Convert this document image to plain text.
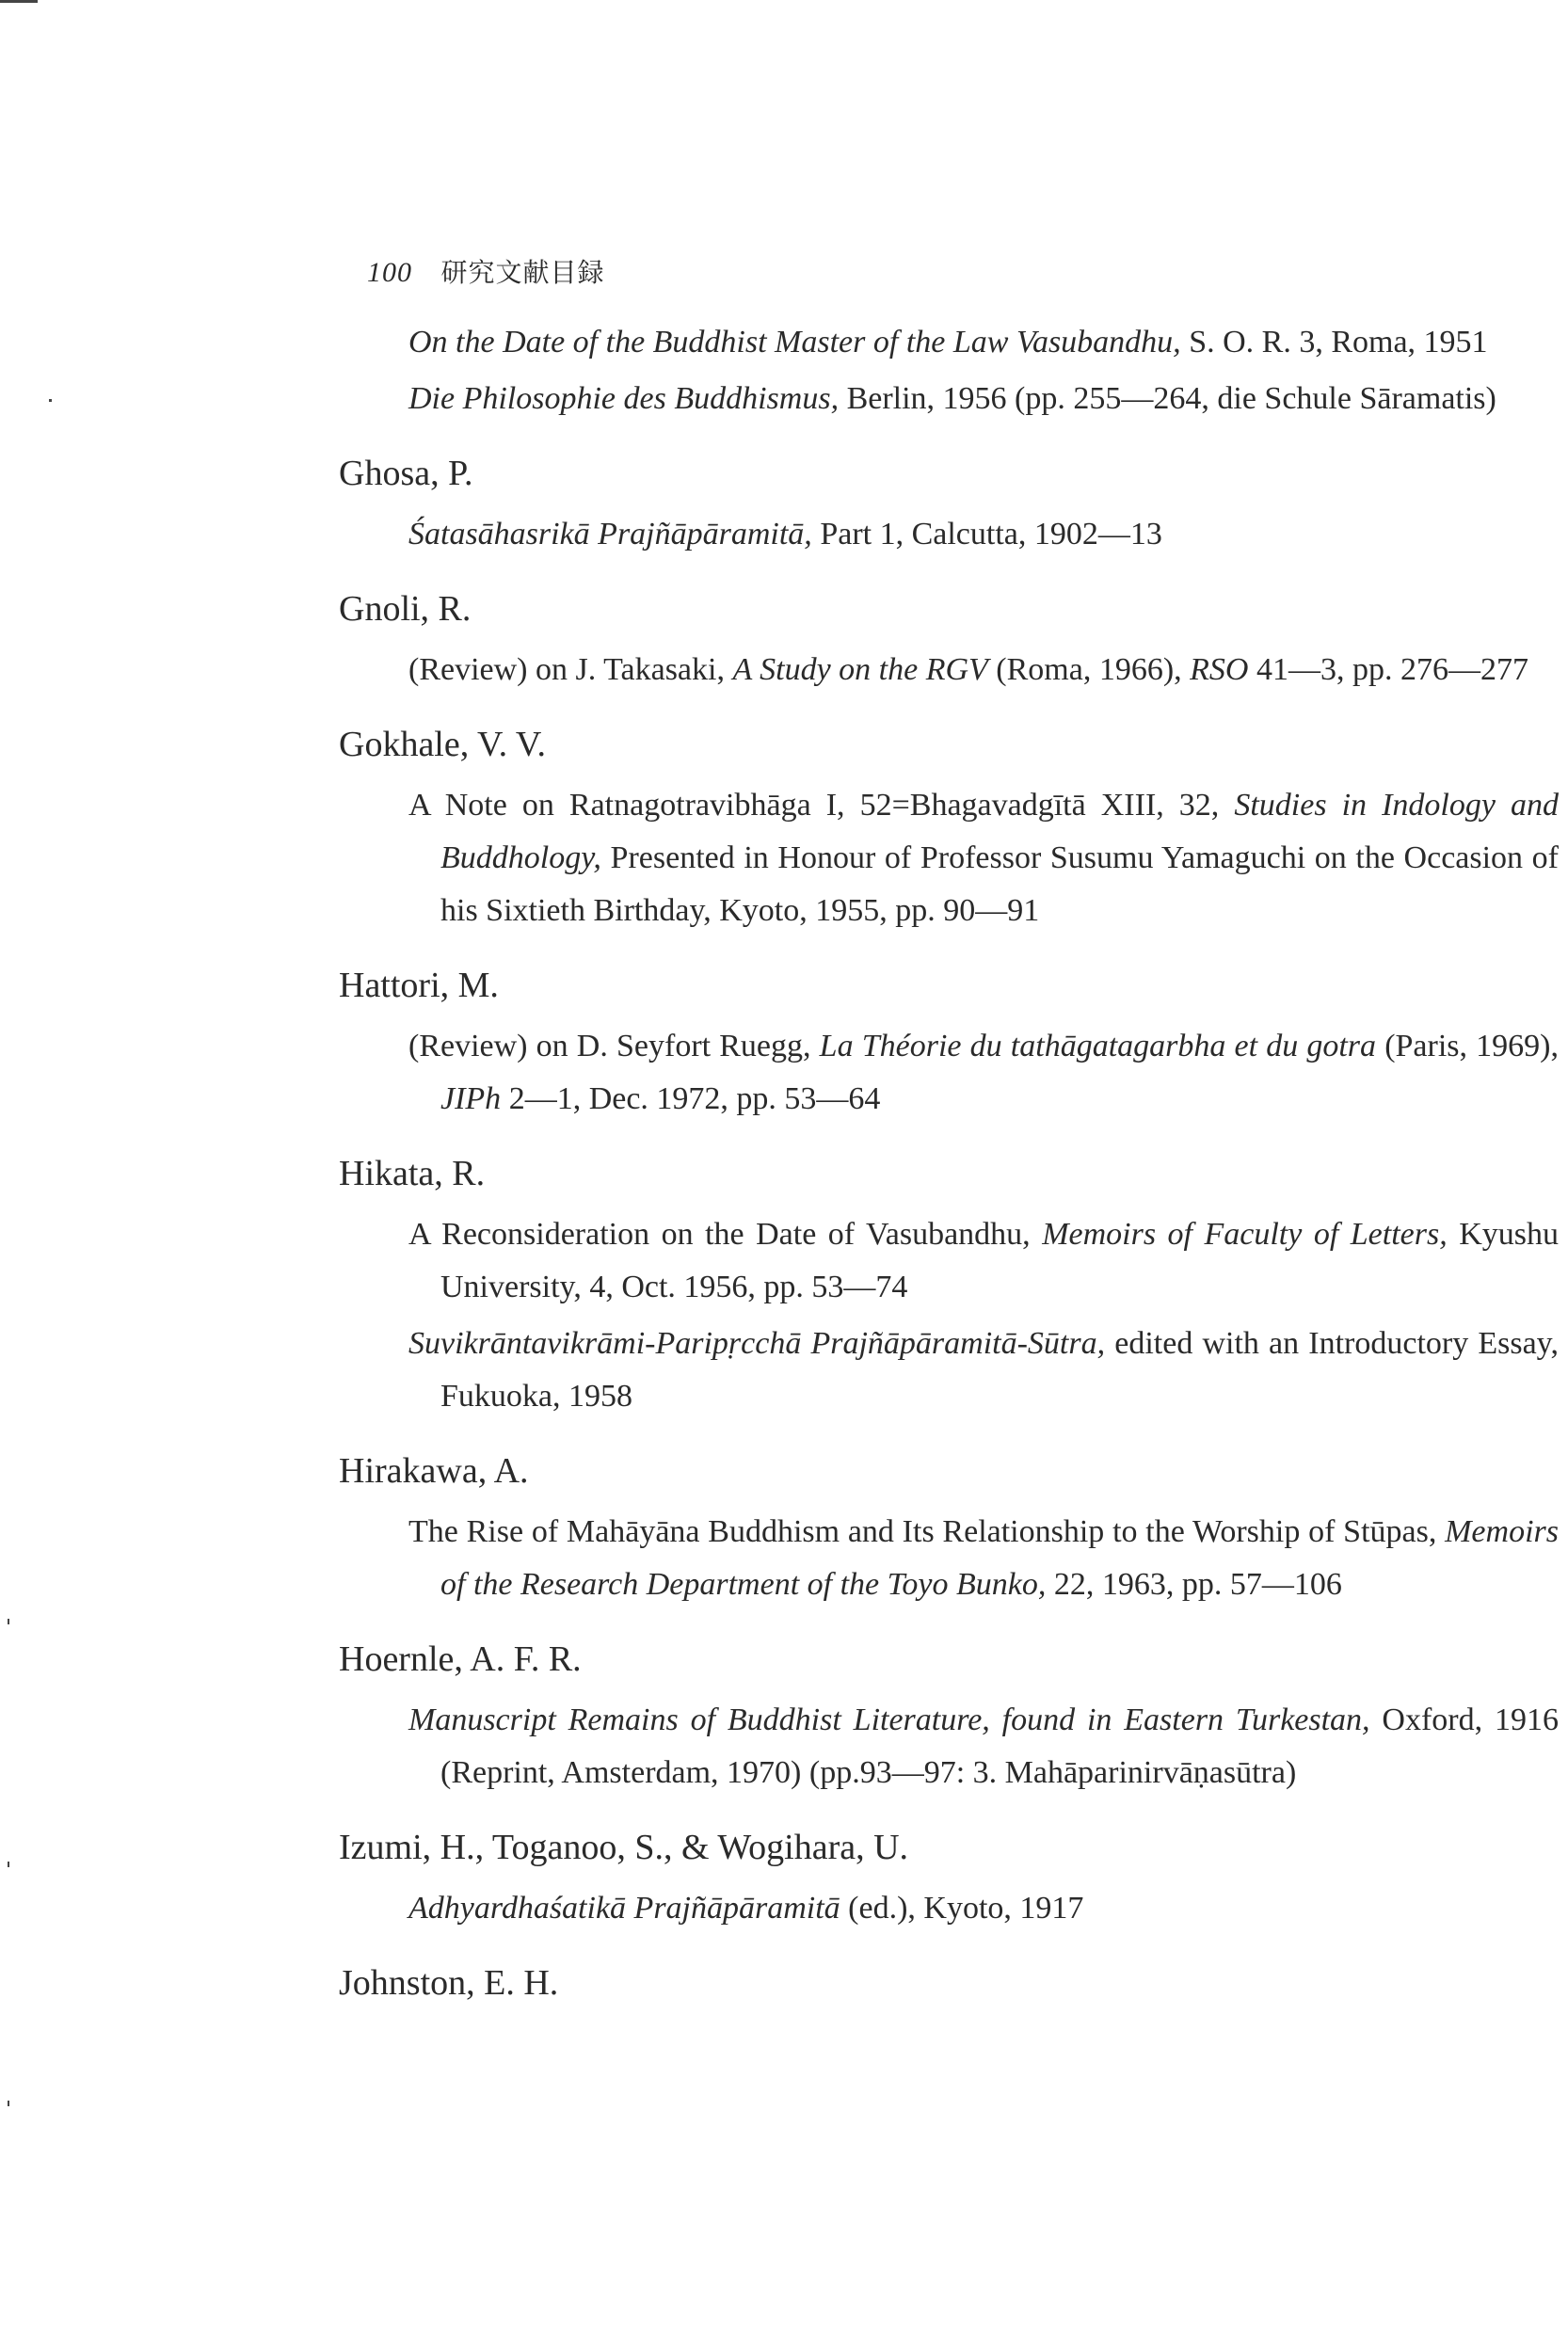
100 研究文献目録
On the Date of the Buddhist Master of the Law Vasubandhu, S. O. R. 3, Roma, 1951
Die Philosophie des Buddhismus, Berlin, 1956 (pp. 255—264, die Schule Sāramatis)
Ghosa, P.
Śatasāhasrikā Prajñāpāramitā, Part 1, Calcutta, 1902—13
Gnoli, R.
(Review) on J. Takasaki, A Study on the RGV (Roma, 1966), RSO 41—3, pp. 276—277
Gokhale, V. V.
A Note on Ratnagotravibhāga I, 52=Bhagavadgītā XIII, 32, Studies in Indology and Buddhology, Presented in Honour of Professor Susumu Yamaguchi on the Occasion of his Sixtieth Birthday, Kyoto, 1955, pp. 90—91
Hattori, M.
(Review) on D. Seyfort Ruegg, La Théorie du tathāgatagarbha et du gotra (Paris, 1969), JIPh 2—1, Dec. 1972, pp. 53—64
Hikata, R.
A Reconsideration on the Date of Vasubandhu, Memoirs of Faculty of Letters, Kyushu University, 4, Oct. 1956, pp. 53—74
Suvikrāntavikrāmi-Paripṛcchā Prajñāpāramitā-Sūtra, edited with an Introductory Essay, Fukuoka, 1958
Hirakawa, A.
The Rise of Mahāyāna Buddhism and Its Relationship to the Worship of Stūpas, Memoirs of the Research Department of the Toyo Bunko, 22, 1963, pp. 57—106
Hoernle, A. F. R.
Manuscript Remains of Buddhist Literature, found in Eastern Turkestan, Oxford, 1916 (Reprint, Amsterdam, 1970) (pp.93—97: 3. Mahāparinirvāṇasūtra)
Izumi, H., Toganoo, S., & Wogihara, U.
Adhyardhaśatikā Prajñāpāramitā (ed.), Kyoto, 1917
Johnston, E. H.
